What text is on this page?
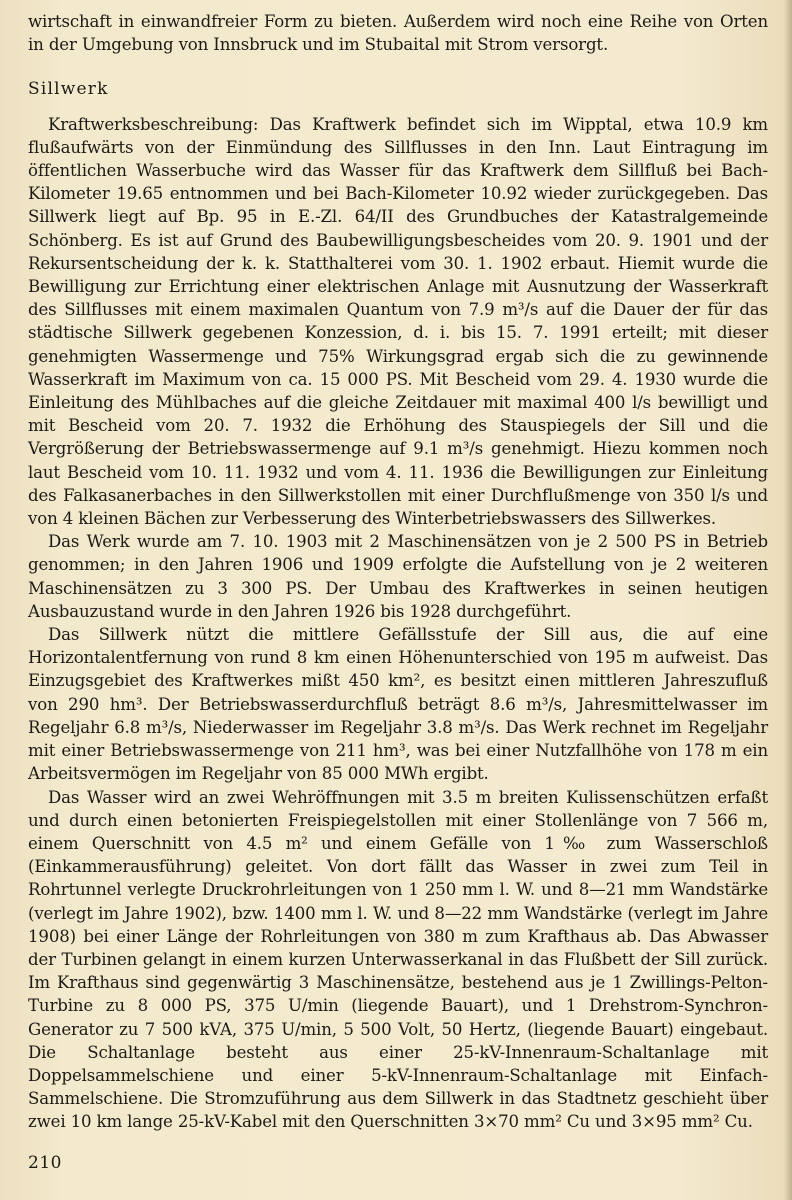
wirtschaft in einwandfreier Form zu bieten. Außerdem wird noch eine Reihe von Orten in der Umgebung von Innsbruck und im Stubaital mit Strom versorgt.

Sillwerk

Kraftwerksbeschreibung: Das Kraftwerk befindet sich im Wipptal, etwa 10.9 km flußaufwärts von der Einmündung des Sillflusses in den Inn. Laut Eintragung im öffentlichen Wasserbuche wird das Wasser für das Kraftwerk dem Sillfluß bei Bach-Kilometer 19.65 entnommen und bei Bach-Kilometer 10.92 wieder zurückgegeben. Das Sillwerk liegt auf Bp. 95 in E.-Zl. 64/II des Grundbuches der Katastralgemeinde Schönberg. Es ist auf Grund des Baubewilligungsbescheides vom 20. 9. 1901 und der Rekursentscheidung der k. k. Statthalterei vom 30. 1. 1902 erbaut. Hiemit wurde die Bewilligung zur Errichtung einer elektrischen Anlage mit Ausnutzung der Wasserkraft des Sillflusses mit einem maximalen Quantum von 7.9 m³/s auf die Dauer der für das städtische Sillwerk gegebenen Konzession, d. i. bis 15. 7. 1991 erteilt; mit dieser genehmigten Wassermenge und 75% Wirkungsgrad ergab sich die zu gewinnende Wasserkraft im Maximum von ca. 15 000 PS. Mit Bescheid vom 29. 4. 1930 wurde die Einleitung des Mühlbaches auf die gleiche Zeitdauer mit maximal 400 l/s bewilligt und mit Bescheid vom 20. 7. 1932 die Erhöhung des Stauspiegels der Sill und die Vergrößerung der Betriebswassermenge auf 9.1 m³/s genehmigt. Hiezu kommen noch laut Bescheid vom 10. 11. 1932 und vom 4. 11. 1936 die Bewilligungen zur Einleitung des Falkasanerbaches in den Sillwerkstollen mit einer Durchflußmenge von 350 l/s und von 4 kleinen Bächen zur Verbesserung des Winterbetriebswassers des Sillwerkes.

Das Werk wurde am 7. 10. 1903 mit 2 Maschinensätzen von je 2 500 PS in Betrieb genommen; in den Jahren 1906 und 1909 erfolgte die Aufstellung von je 2 weiteren Maschinensätzen zu 3 300 PS. Der Umbau des Kraftwerkes in seinen heutigen Ausbauzustand wurde in den Jahren 1926 bis 1928 durchgeführt.

Das Sillwerk nützt die mittlere Gefällsstufe der Sill aus, die auf eine Horizontalentfernung von rund 8 km einen Höhenunterschied von 195 m aufweist. Das Einzugsgebiet des Kraftwerkes mißt 450 km², es besitzt einen mittleren Jahreszufluß von 290 hm³. Der Betriebswasserdurchfluß beträgt 8.6 m³/s, Jahresmittelwasser im Regeljahr 6.8 m³/s, Niederwasser im Regeljahr 3.8 m³/s. Das Werk rechnet im Regeljahr mit einer Betriebswassermenge von 211 hm³, was bei einer Nutzfallhöhe von 178 m ein Arbeitsvermögen im Regeljahr von 85 000 MWh ergibt.

Das Wasser wird an zwei Wehröffnungen mit 3.5 m breiten Kulissenschützen erfaßt und durch einen betonierten Freispiegelstollen mit einer Stollenlänge von 7 566 m, einem Querschnitt von 4.5 m² und einem Gefälle von 1‰ zum Wasserschloß (Einkammerausführung) geleitet. Von dort fällt das Wasser in zwei zum Teil in Rohrtunnel verlegte Druckrohrleitungen von 1 250 mm l. W. und 8—21 mm Wandstärke (verlegt im Jahre 1902), bzw. 1400 mm l. W. und 8—22 mm Wandstärke (verlegt im Jahre 1908) bei einer Länge der Rohrleitungen von 380 m zum Krafthaus ab. Das Abwasser der Turbinen gelangt in einem kurzen Unterwasserkanal in das Flußbett der Sill zurück. Im Krafthaus sind gegenwärtig 3 Maschinensätze, bestehend aus je 1 Zwillings-Pelton-Turbine zu 8 000 PS, 375 U/min (liegende Bauart), und 1 Drehstrom-Synchron-Generator zu 7 500 kVA, 375 U/min, 5 500 Volt, 50 Hertz, (liegende Bauart) eingebaut. Die Schaltanlage besteht aus einer 25-kV-Innenraum-Schaltanlage mit Doppelsammelschiene und einer 5-kV-Innenraum-Schaltanlage mit Einfach-Sammelschiene. Die Stromzuführung aus dem Sillwerk in das Stadtnetz geschieht über zwei 10 km lange 25-kV-Kabel mit den Querschnitten 3×70 mm² Cu und 3×95 mm² Cu.

210
